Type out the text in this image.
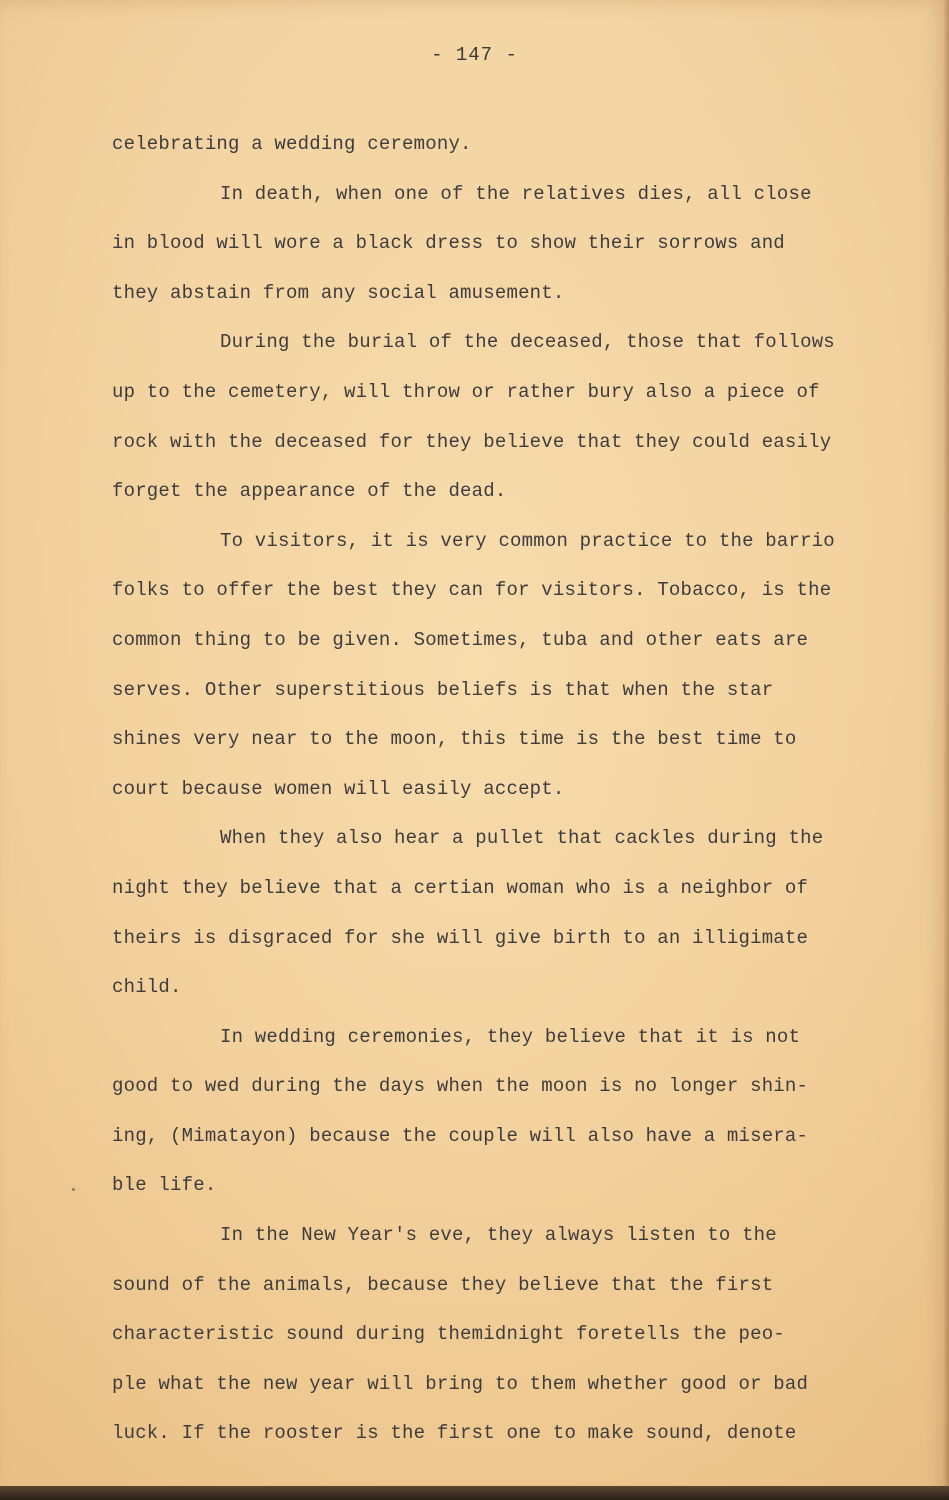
- 147 -
celebrating a wedding ceremony.
In death, when one of the relatives dies, all close
in blood will wore a black dress to show their sorrows and
they abstain from any social amusement.
During the burial of the deceased, those that follows
up to the cemetery, will throw or rather bury also a piece of
rock with the deceased for they believe that they could easily
forget the appearance of the dead.
To visitors, it is very common practice to the barrio
folks to offer the best they can for visitors. Tobacco, is the
common thing to be given. Sometimes, tuba and other eats are
serves. Other superstitious beliefs is that when the star
shines very near to the moon, this time is the best time to
court because women will easily accept.
When they also hear a pullet that cackles during the
night they believe that a certian woman who is a neighbor of
theirs is disgraced for she will give birth to an illigimate
child.
In wedding ceremonies, they believe that it is not
good to wed during the days when the moon is no longer shin-
ing, (Mimatayon) because the couple will also have a misera-
ble life.
In the New Year's eve, they always listen to the
sound of the animals, because they believe that the first
characteristic sound during themidnight foretells the peo-
ple what the new year will bring to them whether good or bad
luck. If the rooster is the first one to make sound, denote
